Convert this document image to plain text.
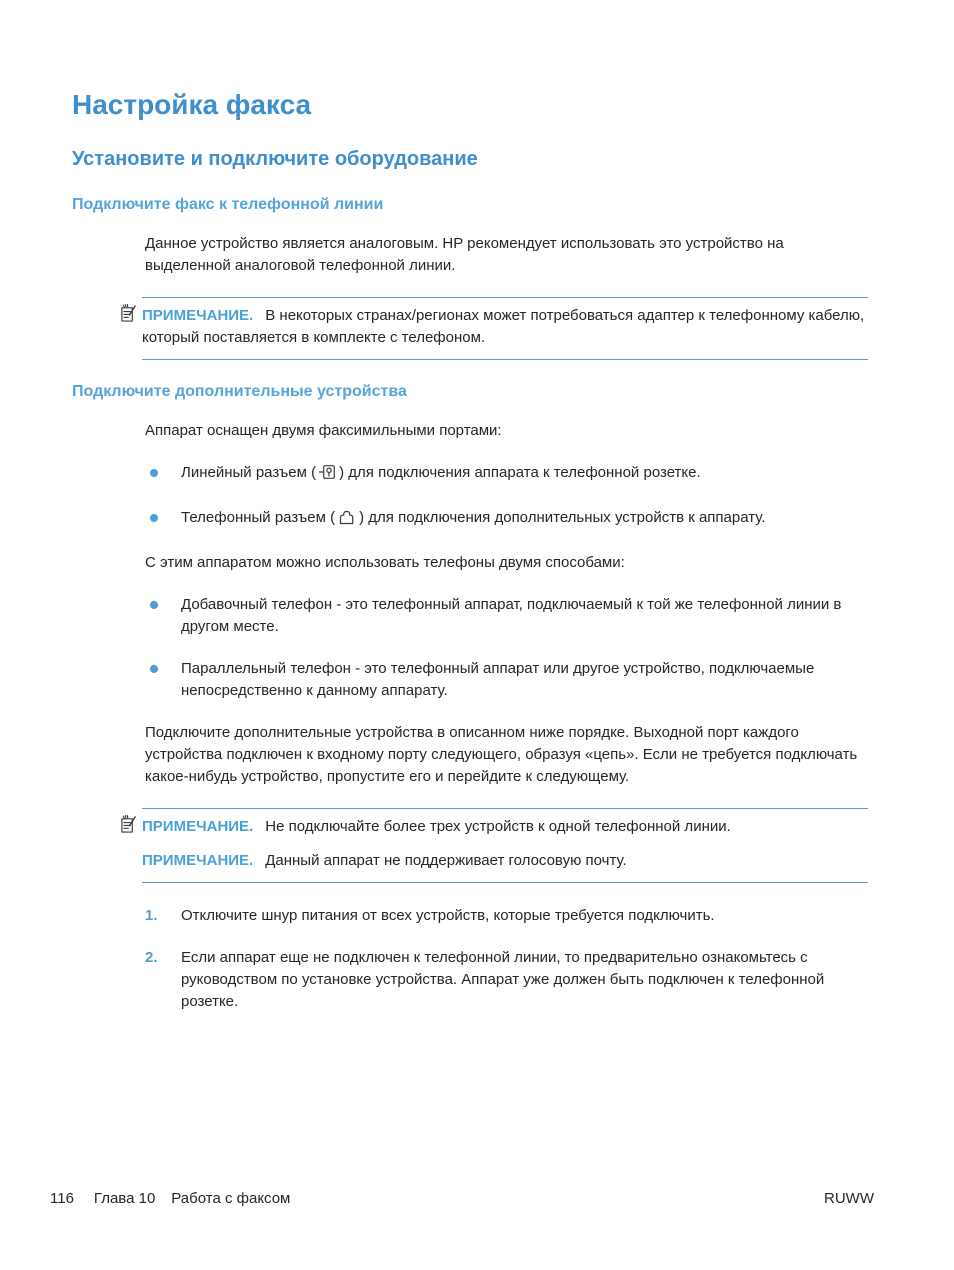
Настройка факса
Установите и подключите оборудование
Подключите факс к телефонной линии

Данное устройство является аналоговым. HP рекомендует использовать это устройство на выделенной аналоговой телефонной линии.

ПРИМЕЧАНИЕ. В некоторых странах/регионах может потребоваться адаптер к телефонному кабелю, который поставляется в комплекте с телефоном.

Подключите дополнительные устройства

Аппарат оснащен двумя факсимильными портами:

Линейный разъем ( ) для подключения аппарата к телефонной розетке.
Телефонный разъем ( ) для подключения дополнительных устройств к аппарату.

С этим аппаратом можно использовать телефоны двумя способами:

Добавочный телефон - это телефонный аппарат, подключаемый к той же телефонной линии в другом месте.
Параллельный телефон - это телефонный аппарат или другое устройство, подключаемые непосредственно к данному аппарату.

Подключите дополнительные устройства в описанном ниже порядке. Выходной порт каждого устройства подключен к входному порту следующего, образуя «цепь». Если не требуется подключать какое-нибудь устройство, пропустите его и перейдите к следующему.

ПРИМЕЧАНИЕ. Не подключайте более трех устройств к одной телефонной линии.

ПРИМЕЧАНИЕ. Данный аппарат не поддерживает голосовую почту.

1.	Отключите шнур питания от всех устройств, которые требуется подключить.
2.	Если аппарат еще не подключен к телефонной линии, то предварительно ознакомьтесь с руководством по установке устройства. Аппарат уже должен быть подключен к телефонной розетке.
116 Глава 10 Работа с факсом	RUWW
